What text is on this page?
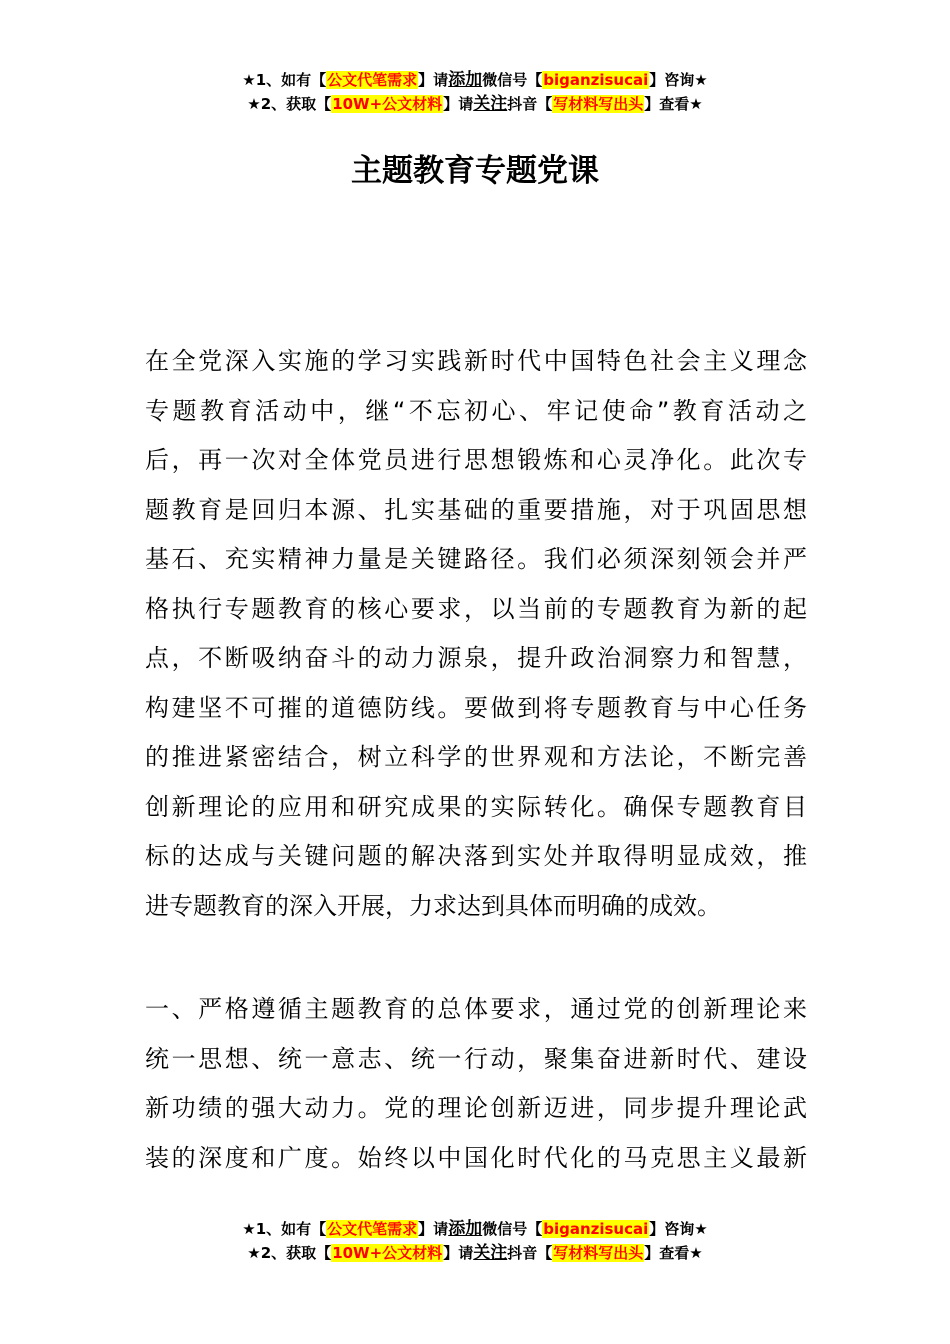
★1、如有【公文代笔需求】请添加微信号【biganzisucai】咨询★
★2、获取【10W+公文材料】请关注抖音【写材料写出头】查看★
主题教育专题党课

在全党深入实施的学习实践新时代中国特色社会主义理念
专题教育活动中，继“不忘初心、牢记使命”教育活动之
后，再一次对全体党员进行思想锻炼和心灵净化。此次专
题教育是回归本源、扎实基础的重要措施，对于巩固思想
基石、充实精神力量是关键路径。我们必须深刻领会并严
格执行专题教育的核心要求，以当前的专题教育为新的起
点，不断吸纳奋斗的动力源泉，提升政治洞察力和智慧，
构建坚不可摧的道德防线。要做到将专题教育与中心任务
的推进紧密结合，树立科学的世界观和方法论，不断完善
创新理论的应用和研究成果的实际转化。确保专题教育目
标的达成与关键问题的解决落到实处并取得明显成效，推
进专题教育的深入开展，力求达到具体而明确的成效。

一、严格遵循主题教育的总体要求，通过党的创新理论来
统一思想、统一意志、统一行动，聚集奋进新时代、建设
新功绩的强大动力。党的理论创新迈进，同步提升理论武
装的深度和广度。始终以中国化时代化的马克思主义最新

★1、如有【公文代笔需求】请添加微信号【biganzisucai】咨询★
★2、获取【10W+公文材料】请关注抖音【写材料写出头】查看★
